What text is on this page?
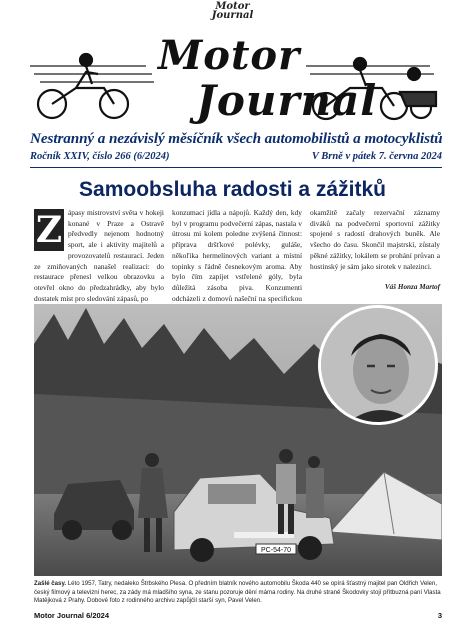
Motor
Journal
Motor
Journal
Nestranný a nezávislý měsíčník všech automobilistů a motocyklistů
Ročník XXIV, číslo 266 (6/2024)	V Brně v pátek 7. června 2024
Samoobsluha radosti a zážitků
Z ápasy mistrovství světa v hokeji konané v Praze a Ostravě předvedly nejenom hodnotný sport, ale i aktivity majitelů a provozovatelů restaurací. Jeden ze zmiňovaných nanašel realizaci: do restaurace přenesl velkou obrazovku a otevřel okno do předzahrádky, aby bylo dostatek míst pro sledování zápasů, po
konzumaci jídla a nápojů. Každý den, kdy byl v programu podvečerní zápas, nastala v útrosu mi kolem poledne zvýšená činnost: příprava dršťkové polévky, guláše, někoľika hermelínových variant a místní topinky s řádně česnekovým aroma. Aby bylo čím zapíjet vstřelené góly, byla důležitá zásoba piva. Konzumenti odcházeli z domovů našeční na specifickou
okamžitě začaly rezervační záznamy diváků na podvečerní sportovní zážitky spojené s radostí drahových buněk. Ale všecho do času. Skončil majstrskí, zůstaly pěkné zážitky, lokálem se prohání průvan a hostinský je sám jako sirotek v nalezinci.
Váš Honza Martof
PC-54-70
Zašlé časy. Léto 1957, Tatry, nedaleko Štrbského Plesa. O předním blatník nového automobilu Škoda 440 se opírá šťastný majitel pan Oldřich Velen, český filmový a televizní herec, za zády má mladšího syna, ze stanu pozoruje dění máma rodiny. Na druhé straně Škodovky stojí přítbuzná paní Vlasta Matějková z Prahy. Dobové foto z rodinného archivu zapůjčil starší syn, Pavel Velen.
Motor Journal 6/2024	3
